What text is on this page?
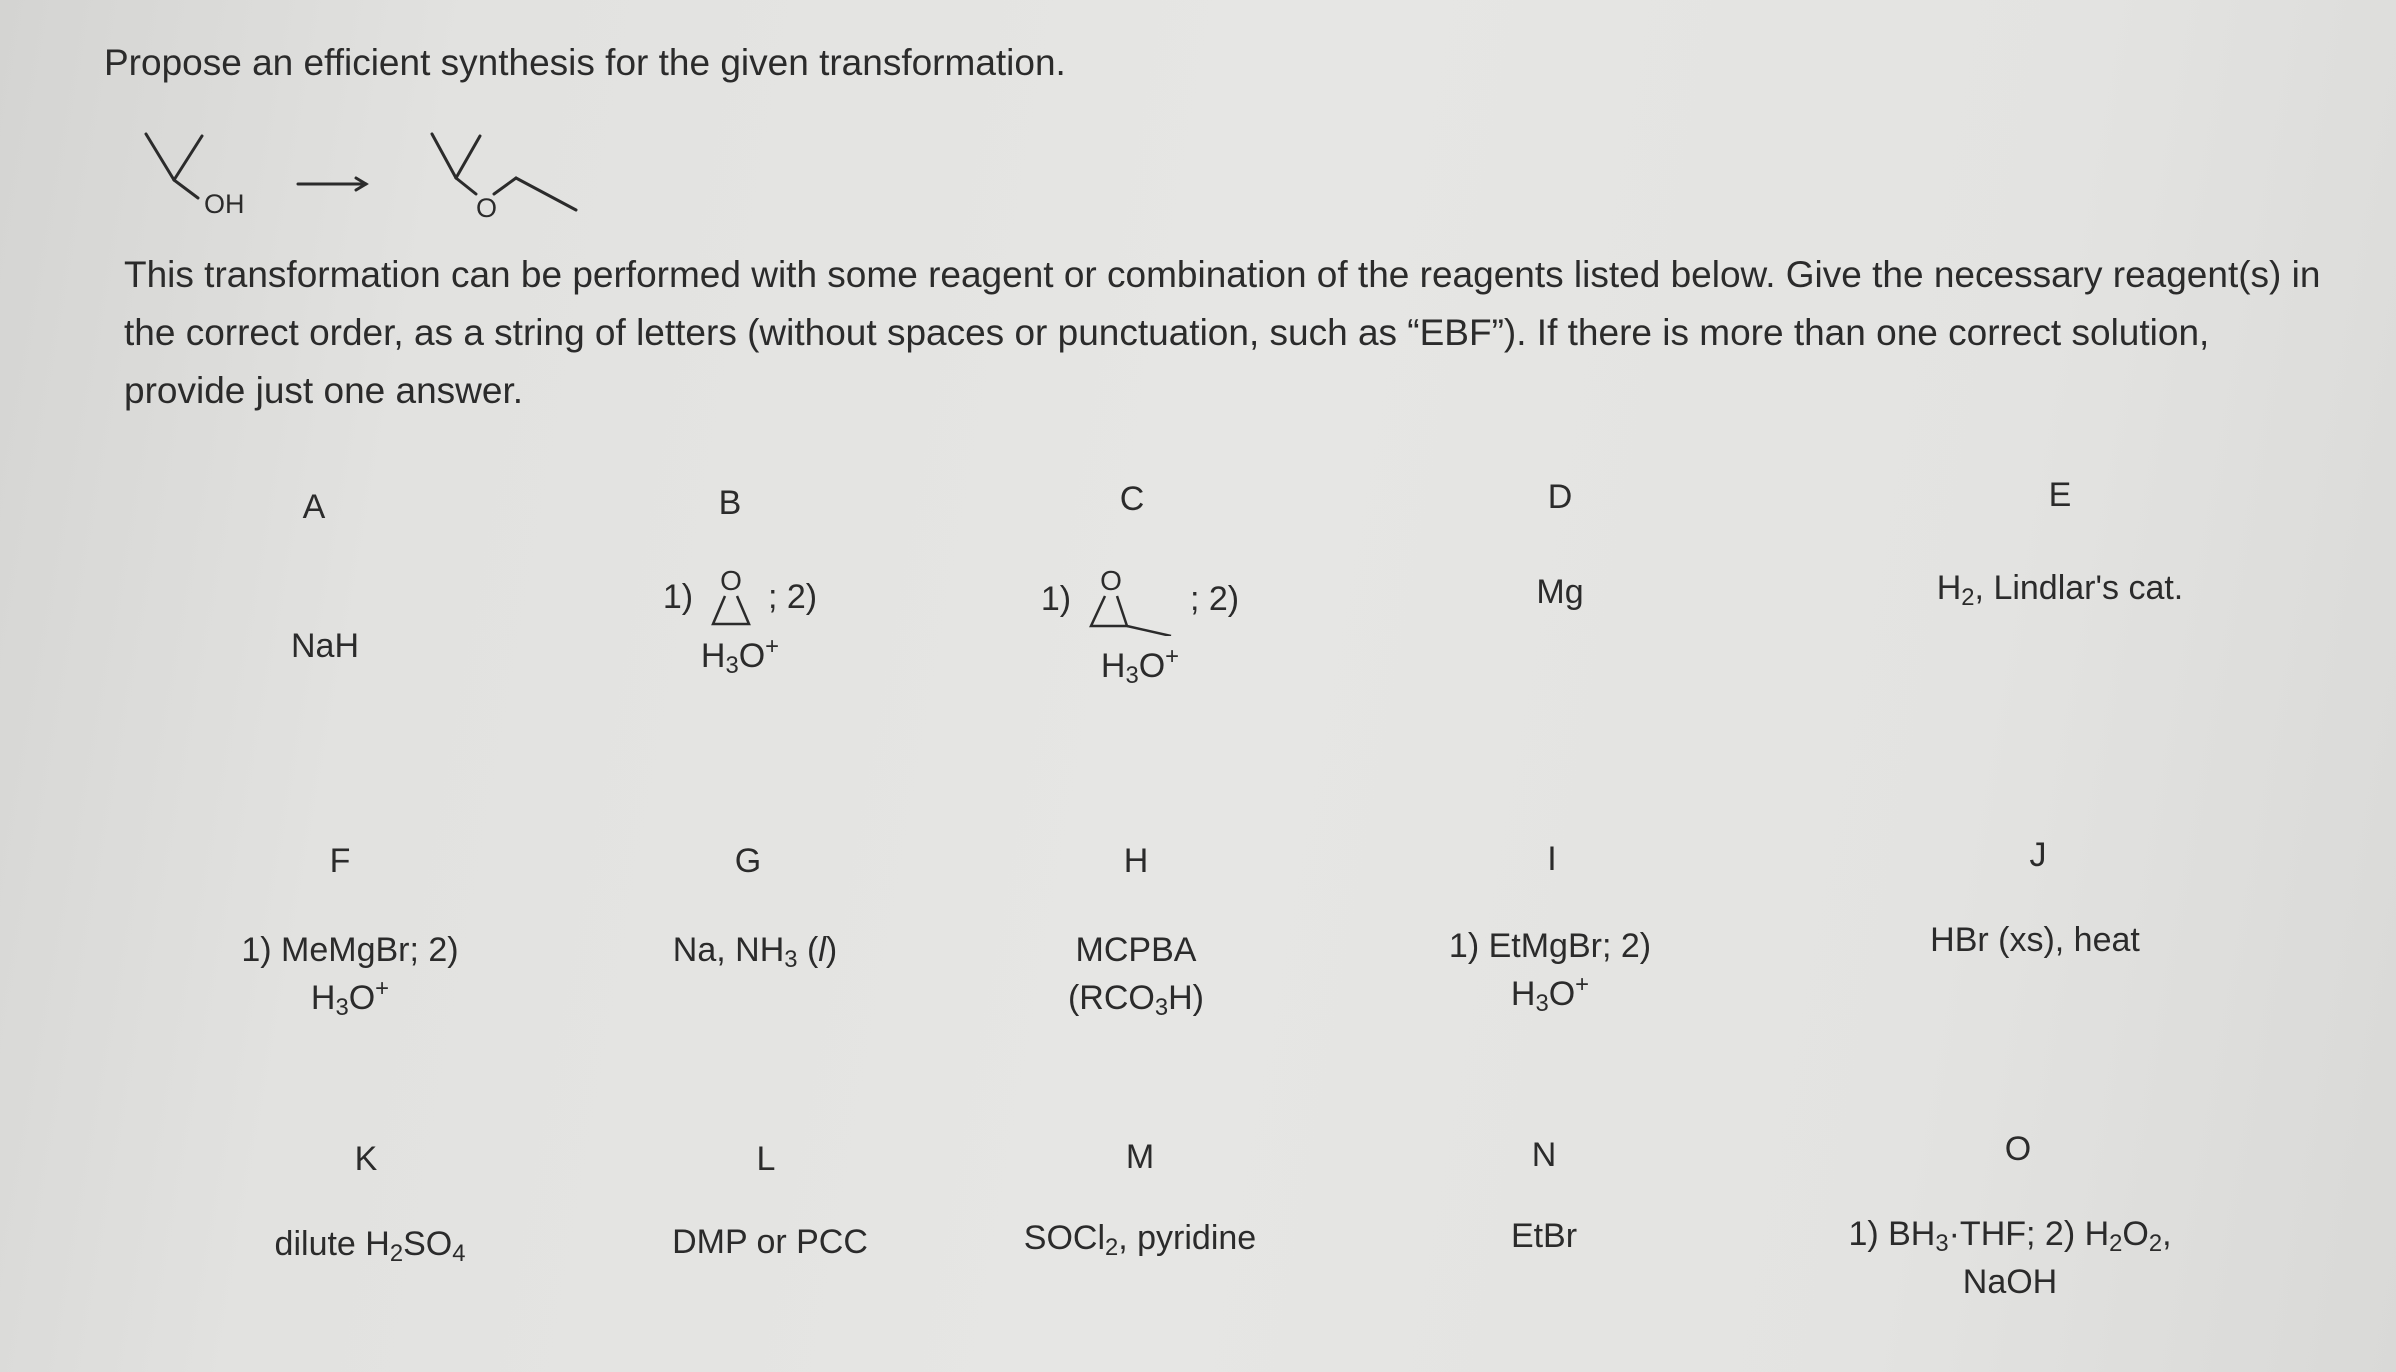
Propose an efficient synthesis for the given transformation.
OH	O
This transformation can be performed with some reagent or combination of the reagents listed below. Give the necessary reagent(s) in
the correct order, as a string of letters (without spaces or punctuation, such as “EBF”). If there is more than one correct solution,
provide just one answer.
A
NaH
B
1) O ; 2)
$H_3O^+$
C
1) O ; 2)
$H_3O^+$
D
Mg
E
$H_2$, Lindlar's cat.
F
1) MeMgBr; 2)
$H_3O^+$
G
Na, $NH_3$ (l)
H
MCPBA
$(RCO_3H)$
I
1) EtMgBr; 2)
$H_3O^+$
J
HBr (xs), heat
K
dilute $H_2SO_4$
L
DMP or PCC
M
SOCl$_2$, pyridine
N
EtBr
O
1) $BH_3\cdot THF$; 2) $H_2O_2$,
NaOH
